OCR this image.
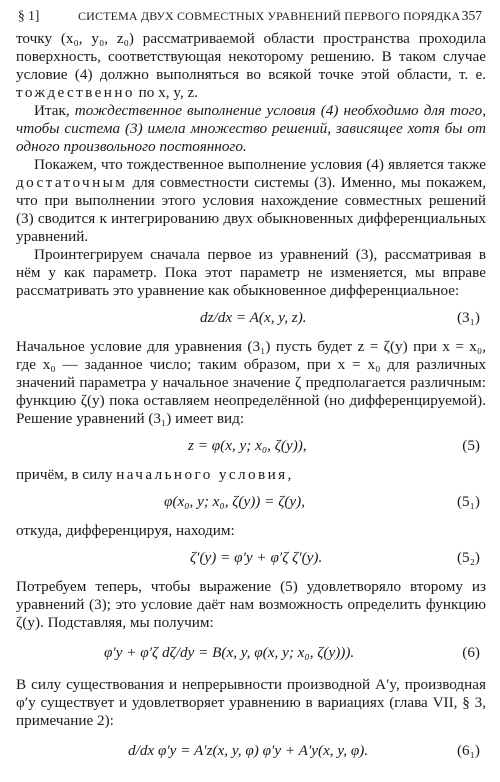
§ 1]	СИСТЕМА ДВУХ СОВМЕСТНЫХ УРАВНЕНИЙ ПЕРВОГО ПОРЯДКА 357

точку (x₀, y₀, z₀) рассматриваемой области пространства проходила поверхность, соответствующая некоторому решению. В таком случае условие (4) должно выполняться во всякой точке этой области, т. е. тождественно по x, y, z.

Итак, тождественное выполнение условия (4) необходимо для того, чтобы система (3) имела множество решений, зависящее хотя бы от одного произвольного постоянного.

Покажем, что тождественное выполнение условия (4) является также достаточным для совместности системы (3). Именно, мы покажем, что при выполнении этого условия нахождение совместных решений (3) сводится к интегрированию двух обыкновенных дифференциальных уравнений.

Проинтегрируем сначала первое из уравнений (3), рассматривая в нём y как параметр. Пока этот параметр не изменяется, мы вправе рассматривать это уравнение как обыкновенное дифференциальное:

dz/dx = A(x, y, z).	(3₁)

Начальное условие для уравнения (3₁) пусть будет z = ζ(y) при x = x₀, где x₀ — заданное число; таким образом, при x = x₀ для различных значений параметра y начальное значение ζ предполагается различным: функцию ζ(y) пока оставляем неопределённой (но дифференцируемой). Решение уравнений (3₁) имеет вид:

z = φ(x, y; x₀, ζ(y)),	(5)

причём, в силу начального условия,

φ(x₀, y; x₀, ζ(y)) = ζ(y),	(5₁)

откуда, дифференцируя, находим:

ζ′(y) = φ′y + φ′ζ ζ′(y).	(5₂)

Потребуем теперь, чтобы выражение (5) удовлетворяло второму из уравнений (3); это условие даёт нам возможность определить функцию ζ(y). Подставляя, мы получим:

φ′y + φ′ζ dζ/dy = B(x, y, φ(x, y; x₀, ζ(y))).	(6)

В силу существования и непрерывности производной A′y, производная φ′y существует и удовлетворяет уравнению в вариациях (глава VII, § 3, примечание 2):

d/dx φ′y = A′z(x, y, φ) φ′y + A′y(x, y, φ).	(6₁)
